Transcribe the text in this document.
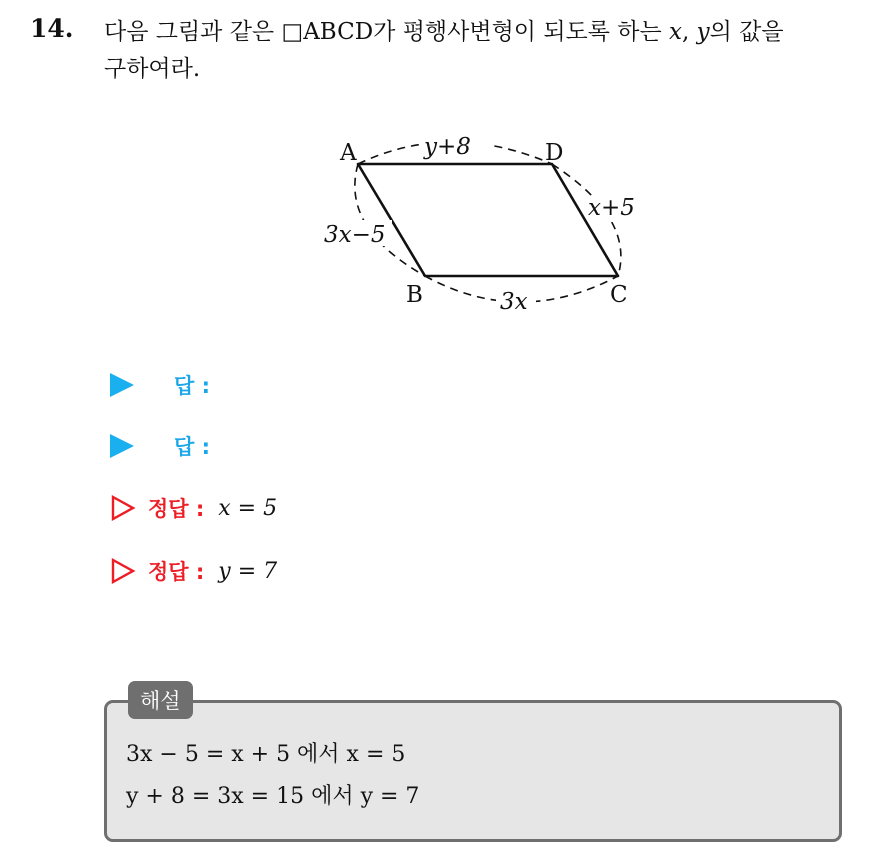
14. 다음 그림과 같은 □ABCD가 평행사변형이 되도록 하는 x, y의 값을
구하여라.
A	D
B	C
y+8
3x−5
x+5
3x
답 :
답 :
정답 : x = 5
정답 : y = 7
해설
3x − 5 = x + 5 에서 x = 5
y + 8 = 3x = 15 에서 y = 7
